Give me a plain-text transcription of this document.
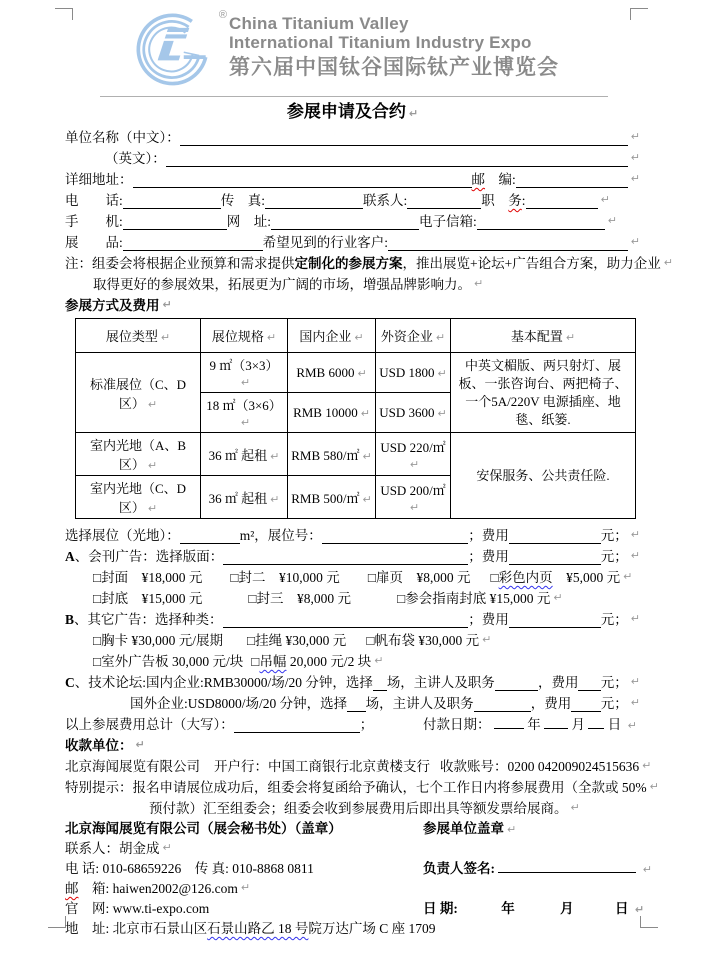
® China Titanium Valley
International Titanium Industry Expo
第六届中国钛谷国际钛产业博览会
参展申请及合约 ↵
单位名称（中文）：	↵
（英文）：	↵
详细地址：	邮 　编:	↵
电　　话:	传　真:	联系人:	职　 务 :	↵
手　　机:	网　址:	电子信箱:	↵
展　　品:	希望见到的行业客户:	↵
注：组委会将根据企业预算和需求提供 定制化的参展方案 ，推出展览+论坛+广告组合方案，助力企业 ↵
取得更好的参展效果，拓展更为广阔的市场，增强品牌影响力。 ↵
参展方式及费用 ↵
展位类型 ↵	展位规格 ↵	国内企业 ↵	外资企业 ↵	基本配置 ↵
标准展位（C、D 区） ↵	9 ㎡（3×3）↵	RMB 6000 ↵	USD 1800 ↵	中英文楣版、两只射灯、展板、一张咨询台、两把椅子、一个5A/220V 电源插座、地毯、纸篓.
	18 ㎡（3×6）↵	RMB 10000 ↵	USD 3600 ↵	
室内光地（A、B 区） ↵	36 ㎡ 起租 ↵	RMB 580/㎡ ↵	USD 220/㎡↵	安保服务、公共责任险.
室内光地（C、D 区） ↵	36 ㎡ 起租 ↵	RMB 500/㎡ ↵	USD 200/㎡↵	
选择展位（光地）：	m²，展位号：	；费用	元； ↵
A 、会刊广告：选择版面：	；费用	元； ↵
□封面　¥18,000 元 □封二　¥10,000 元 □扉页　¥8,000 元 □彩色内页　¥5,000 元 ↵
□封底　¥15,000 元	□封三　¥8,000 元	□参会指南封底 ¥15,000 元 ↵
B 、其它广告：选择种类：	；费用	元； ↵
□胸卡 ¥30,000 元/展期 □挂绳 ¥30,000 元 □帆布袋 ¥30,000 元 ↵
□室外广告板 30,000 元/块 □吊幅 20,000 元/2 块 ↵
C 、技术论坛:国内企业:RMB30000/场/20 分钟，选择 场，主讲人及职务	，费用 元； ↵
国外企业:USD8000/场/20 分钟，选择 场，主讲人及职务	，费用 元； ↵
以上参展费用总计（大写）：	；	付款日期：	年 月  日 ↵
收款单位： ↵
北京海闻展览有限公司 开户行：中国工商银行北京黄楼支行 收款账号：0200 042009024515636 ↵
特别提示：报名申请展位成功后，组委会将复函给予确认，七个工作日内将参展费用（全款或 50% ↵
预付款）汇至组委会；组委会收到参展费用后即出具等额发票给展商。 ↵
北京海闻展览有限公司（展会秘书处）（盖章）	参展单位盖章 ↵
联系人：胡金成 ↵
电 话: 010-68659226　传 真: 010-8868 0811	负责人签名:	↵
邮 　箱: haiwen2002@126.com ↵
官　网: www.ti-expo.com	日 期:	年	月	日 ↵
地　址: 北京市石景山区 石景山路乙 18 号 院万达广场 C 座 1709
